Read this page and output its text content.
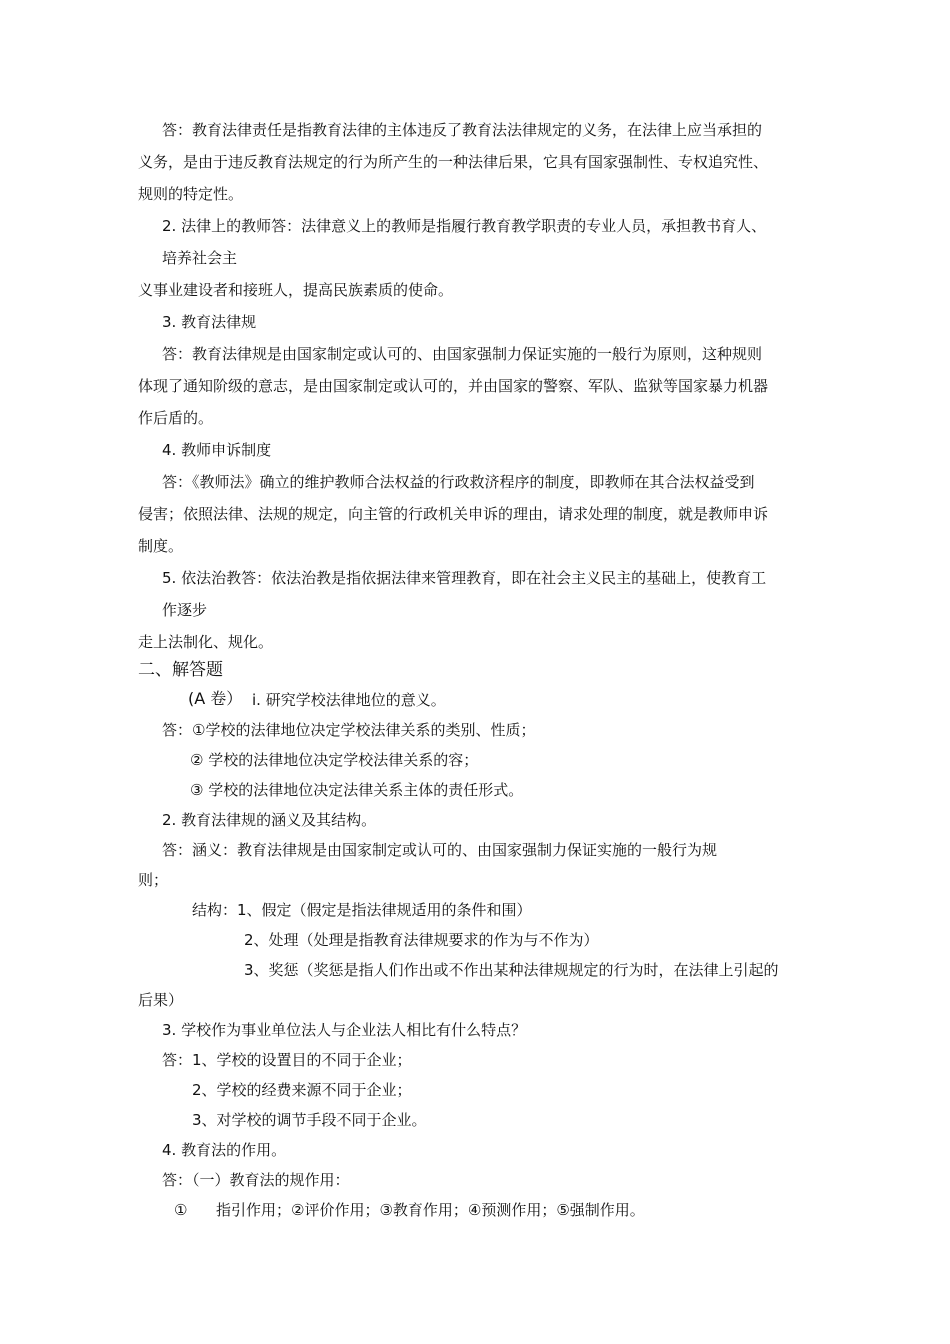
答：教育法律责任是指教育法律的主体违反了教育法法律规定的义务，在法律上应当承担的

义务，是由于违反教育法规定的行为所产生的一种法律后果，它具有国家强制性、专权追究性、

规则的特定性。

2. 法律上的教师答：法律意义上的教师是指履行教育教学职责的专业人员，承担教书育人、

培养社会主

义事业建设者和接班人，提高民族素质的使命。

3. 教育法律规

答：教育法律规是由国家制定或认可的、由国家强制力保证实施的一般行为原则，这种规则

体现了通知阶级的意志，是由国家制定或认可的，并由国家的警察、军队、监狱等国家暴力机器

作后盾的。

4. 教师申诉制度

答：《教师法》确立的维护教师合法权益的行政救济程序的制度，即教师在其合法权益受到

侵害；依照法律、法规的规定，向主管的行政机关申诉的理由，请求处理的制度，就是教师申诉

制度。

5. 依法治教答：依法治教是指依据法律来管理教育，即在社会主义民主的基础上，使教育工

作逐步

走上法制化、规化。

二、解答题

(A 卷） i. 研究学校法律地位的意义。

答：①学校的法律地位决定学校法律关系的类别、性质；

② 学校的法律地位决定学校法律关系的容；

③ 学校的法律地位决定法律关系主体的责任形式。

2. 教育法律规的涵义及其结构。

答：涵义：教育法律规是由国家制定或认可的、由国家强制力保证实施的一般行为规

则；

结构：1、假定（假定是指法律规适用的条件和围）

2、处理（处理是指教育法律规要求的作为与不作为）

3、奖惩（奖惩是指人们作出或不作出某种法律规规定的行为时，在法律上引起的

后果）

3. 学校作为事业单位法人与企业法人相比有什么特点？

答：1、学校的设置目的不同于企业；

2、学校的经费来源不同于企业；

3、对学校的调节手段不同于企业。

4. 教育法的作用。

答：（一）教育法的规作用：

① 指引作用；②评价作用；③教育作用；④预测作用；⑤强制作用。
